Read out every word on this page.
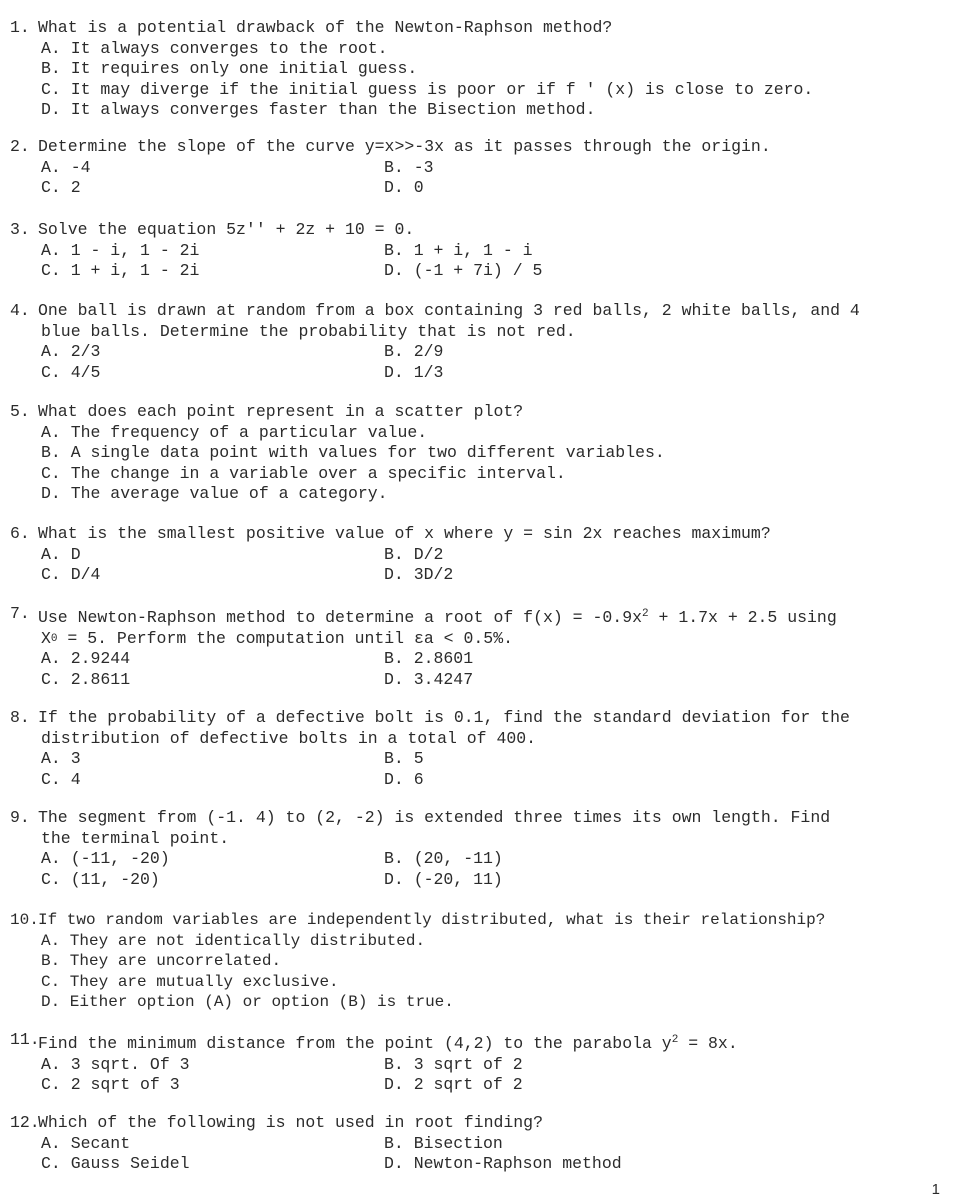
1. What is a potential drawback of the Newton-Raphson method?
A. It always converges to the root.
B. It requires only one initial guess.
C. It may diverge if the initial guess is poor or if f ' (x) is close to zero.
D. It always converges faster than the Bisection method.
2. Determine the slope of the curve y=x>>-3x as it passes through the origin.
A. -4	B. -3
C. 2	D. 0
3. Solve the equation 5z'' + 2z + 10 = 0.
A. 1 - i, 1 - 2i	B. 1 + i, 1 - i
C. 1 + i, 1 - 2i	D. (-1 + 7i) / 5
4. One ball is drawn at random from a box containing 3 red balls, 2 white balls, and 4
blue balls. Determine the probability that is not red.
A. 2/3	B. 2/9
C. 4/5	D. 1/3
5. What does each point represent in a scatter plot?
A. The frequency of a particular value.
B. A single data point with values for two different variables.
C. The change in a variable over a specific interval.
D. The average value of a category.
6. What is the smallest positive value of x where y = sin 2x reaches maximum?
A. D	B. D/2
C. D/4	D. 3D/2
7. Use Newton-Raphson method to determine a root of $f(x) = -0.9x^2 + 1.7x + 2.5$ using
X 0 = 5. Perform the computation until εa < 0.5%.
A. 2.9244	B. 2.8601
C. 2.8611	D. 3.4247
8. If the probability of a defective bolt is 0.1, find the standard deviation for the
distribution of defective bolts in a total of 400.
A. 3	B. 5
C. 4	D. 6
9. The segment from (-1. 4) to (2, -2) is extended three times its own length. Find
the terminal point.
A. (-11, -20)	B. (20, -11)
C. (11, -20)	D. (-20, 11)
10. If two random variables are independently distributed, what is their relationship?
A. They are not identically distributed.
B. They are uncorrelated.
C. They are mutually exclusive.
D. Either option (A) or option (B) is true.
11.
Find the minimum distance from the point (4,2) to the parabola $y^2 = 8x$.
A. 3 sqrt. Of 3	B. 3 sqrt of 2
C. 2 sqrt of 3	D. 2 sqrt of 2
12.
Which of the following is not used in root finding?
A. Secant	B. Bisection
C. Gauss Seidel	D. Newton-Raphson method
1
